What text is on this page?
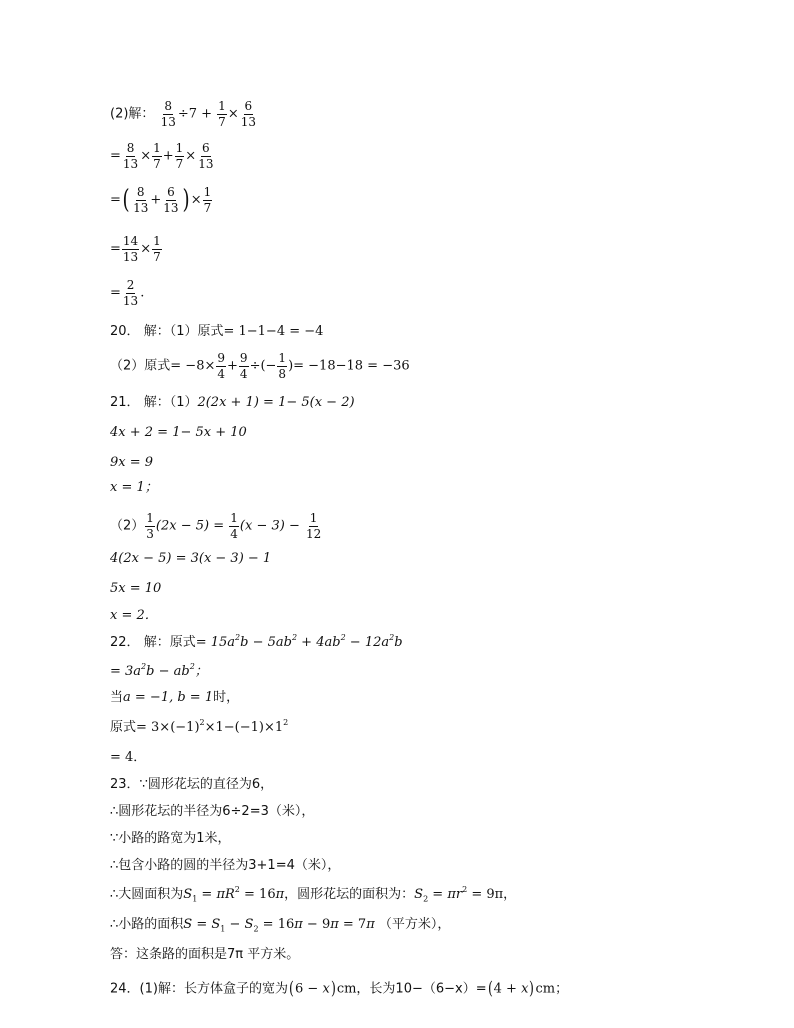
(2)解： $\frac{8}{13} \div 7 + \frac{1}{7} \times \frac{6}{13}$
= $\frac{8}{13} \times \frac{1}{7} + \frac{1}{7} \times \frac{6}{13}$
=( $\frac{8}{13} + \frac{6}{13}$ ) × $\frac{1}{7}$
= $\frac{14}{13} \times \frac{1}{7}$
= $\frac{2}{13}$ .
20． 解：（1）原式= 1−1−4 = −4
（2）原式= $-8\times \frac{9}{4} + \frac{9}{4}$ ÷(− $\frac{1}{8}$ )= −18−18 = −36
21． 解：（1）2(2x + 1) = 1− 5(x − 2)
4x + 2 = 1− 5x + 10
9x = 9
x = 1；
$(2) \frac{1}{3} (2x - 5) = \frac{1}{4} (x - 3) - \frac{1}{12}$
4(2x − 5) = 3(x − 3) − 1
5x = 10
x = 2．
22． 解：原式= $15a^2b - 5ab^2 + 4ab^2 - 12a^2b$
= $3a^2b - ab^2$；
当a = −1, b = 1时，
原式= $3\times(-1)^2\times 1-(-1)\times 1^2$
= 4．
23．∵圆形花坛的直径为6，
∴圆形花坛的半径为6÷2=3（米），
∵小路的路宽为1米，
∴包含小路的圆的半径为3+1=4（米），
∴大圆面积为$S_1 = \pi R^2 = 16\pi$，圆形花坛的面积为：$S_2 = \pi r^2 = 9\pi$，
∴小路的面积$S = S_1 - S_2 = 16\pi - 9\pi = 7\pi$ （平方米），
答：这条路的面积是7π 平方米。
24．(1)解：长方体盒子的宽为(6 − x)cm，长为10−（6−x）=(4 + x)cm；
